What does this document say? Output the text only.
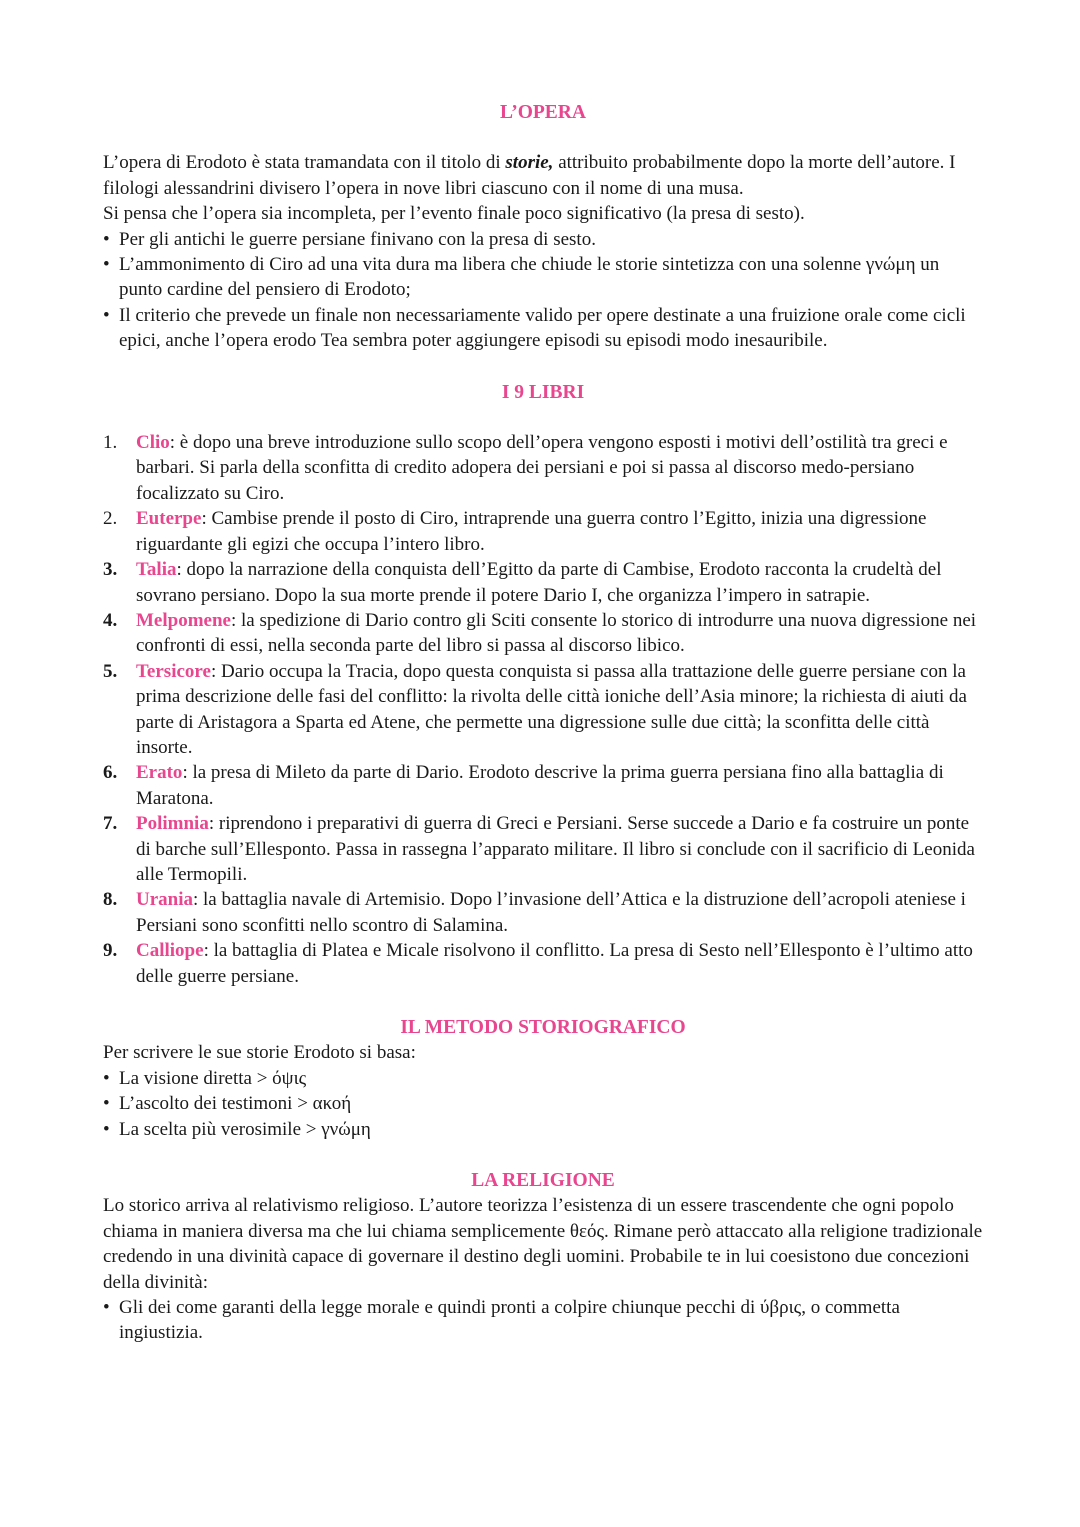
L’OPERA

L’opera di Erodoto è stata tramandata con il titolo di storie, attribuito probabilmente dopo la morte dell’autore. I filologi alessandrini divisero l’opera in nove libri ciascuno con il nome di una musa.

Si pensa che l’opera sia incompleta, per l’evento finale poco significativo (la presa di sesto).

• Per gli antichi le guerre persiane finivano con la presa di sesto.
• L’ammonimento di Ciro ad una vita dura ma libera che chiude le storie sintetizza con una solenne γνώμη un punto cardine del pensiero di Erodoto;
• Il criterio che prevede un finale non necessariamente valido per opere destinate a una fruizione orale come cicli epici, anche l’opera erodo Tea sembra poter aggiungere episodi su episodi modo inesauribile.
I 9 LIBRI
1. Clio: è dopo una breve introduzione sullo scopo dell’opera vengono esposti i motivi dell’ostilità tra greci e barbari. Si parla della sconfitta di credito adopera dei persiani e poi si passa al discorso medo-persiano focalizzato su Ciro.
2. Euterpe: Cambise prende il posto di Ciro, intraprende una guerra contro l’Egitto, inizia una digressione riguardante gli egizi che occupa l’intero libro.
3. Talia: dopo la narrazione della conquista dell’Egitto da parte di Cambise, Erodoto racconta la crudeltà del sovrano persiano. Dopo la sua morte prende il potere Dario I, che organizza l’impero in satrapie.
4. Melpomene: la spedizione di Dario contro gli Sciti consente lo storico di introdurre una nuova digressione nei confronti di essi, nella seconda parte del libro si passa al discorso libico.
5. Tersicore: Dario occupa la Tracia, dopo questa conquista si passa alla trattazione delle guerre persiane con la prima descrizione delle fasi del conflitto: la rivolta delle città ioniche dell’Asia minore; la richiesta di aiuti da parte di Aristagora a Sparta ed Atene, che permette una digressione sulle due città; la sconfitta delle città insorte.
6. Erato: la presa di Mileto da parte di Dario. Erodoto descrive la prima guerra persiana fino alla battaglia di Maratona.
7. Polimnia: riprendono i preparativi di guerra di Greci e Persiani. Serse succede a Dario e fa costruire un ponte di barche sull’Ellesponto. Passa in rassegna l’apparato militare. Il libro si conclude con il sacrificio di Leonida alle Termopili.
8. Urania: la battaglia navale di Artemisio. Dopo l’invasione dell’Attica e la distruzione dell’acropoli ateniese i Persiani sono sconfitti nello scontro di Salamina.
9. Calliope: la battaglia di Platea e Micale risolvono il conflitto. La presa di Sesto nell’Ellesponto è l’ultimo atto delle guerre persiane.
IL METODO STORIOGRAFICO

Per scrivere le sue storie Erodoto si basa:

• La visione diretta > όψις
• L’ascolto dei testimoni > ακοή
• La scelta più verosimile > γνώμη
LA RELIGIONE

Lo storico arriva al relativismo religioso. L’autore teorizza l’esistenza di un essere trascendente che ogni popolo chiama in maniera diversa ma che lui chiama semplicemente θεός. Rimane però attaccato alla religione tradizionale credendo in una divinità capace di governare il destino degli uomini. Probabile te in lui coesistono due concezioni della divinità:

• Gli dei come garanti della legge morale e quindi pronti a colpire chiunque pecchi di ύβρις, o commetta ingiustizia.
